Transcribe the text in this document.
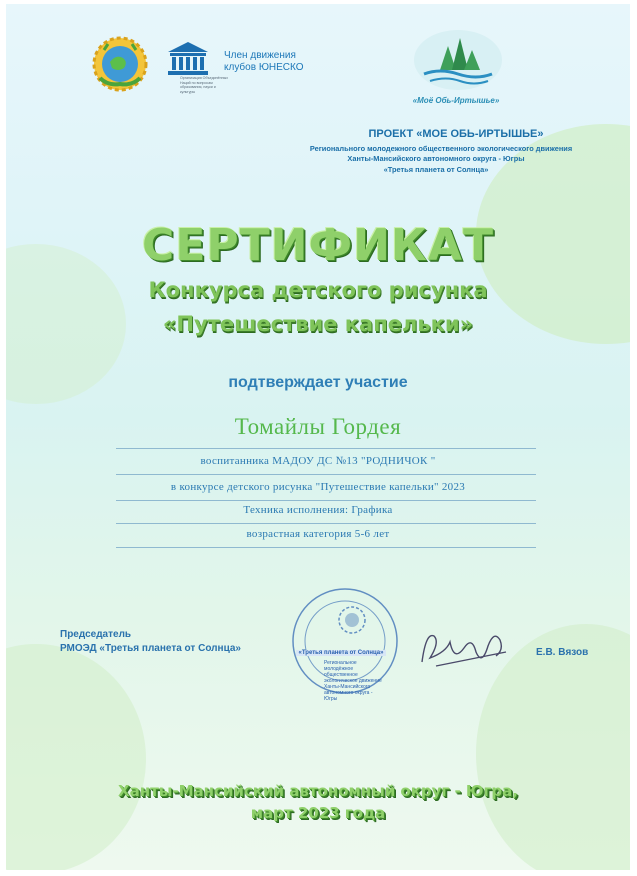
Организация Объединённых Наций по вопросам образования, науки и культуры
Член движения клубов ЮНЕСКО
«Моё Обь-Иртышье»
ПРОЕКТ «МОЕ ОБЬ-ИРТЫШЬЕ»
Регионального молодежного общественного экологического движения
Ханты-Мансийского автономного округа - Югры
«Третья планета от Солнца»
СЕРТИФИКАТ
Конкурса детского рисунка
«Путешествие капельки»
подтверждает участие
Томайлы Гордея
воспитанника МАДОУ ДС №13 "РОДНИЧОК "
в конкурсе детского рисунка "Путешествие капельки" 2023
Техника исполнения: Графика
возрастная категория 5-6 лет
Председатель
РМОЭД «Третья планета от Солнца»	«Третья планета от Солнца»
Региональное молодёжное общественное экологическое движение Ханты-Мансийского автономного округа - Югры
Е.В. Вязов
Ханты-Мансийский автономный округ - Югра,
март 2023 года
